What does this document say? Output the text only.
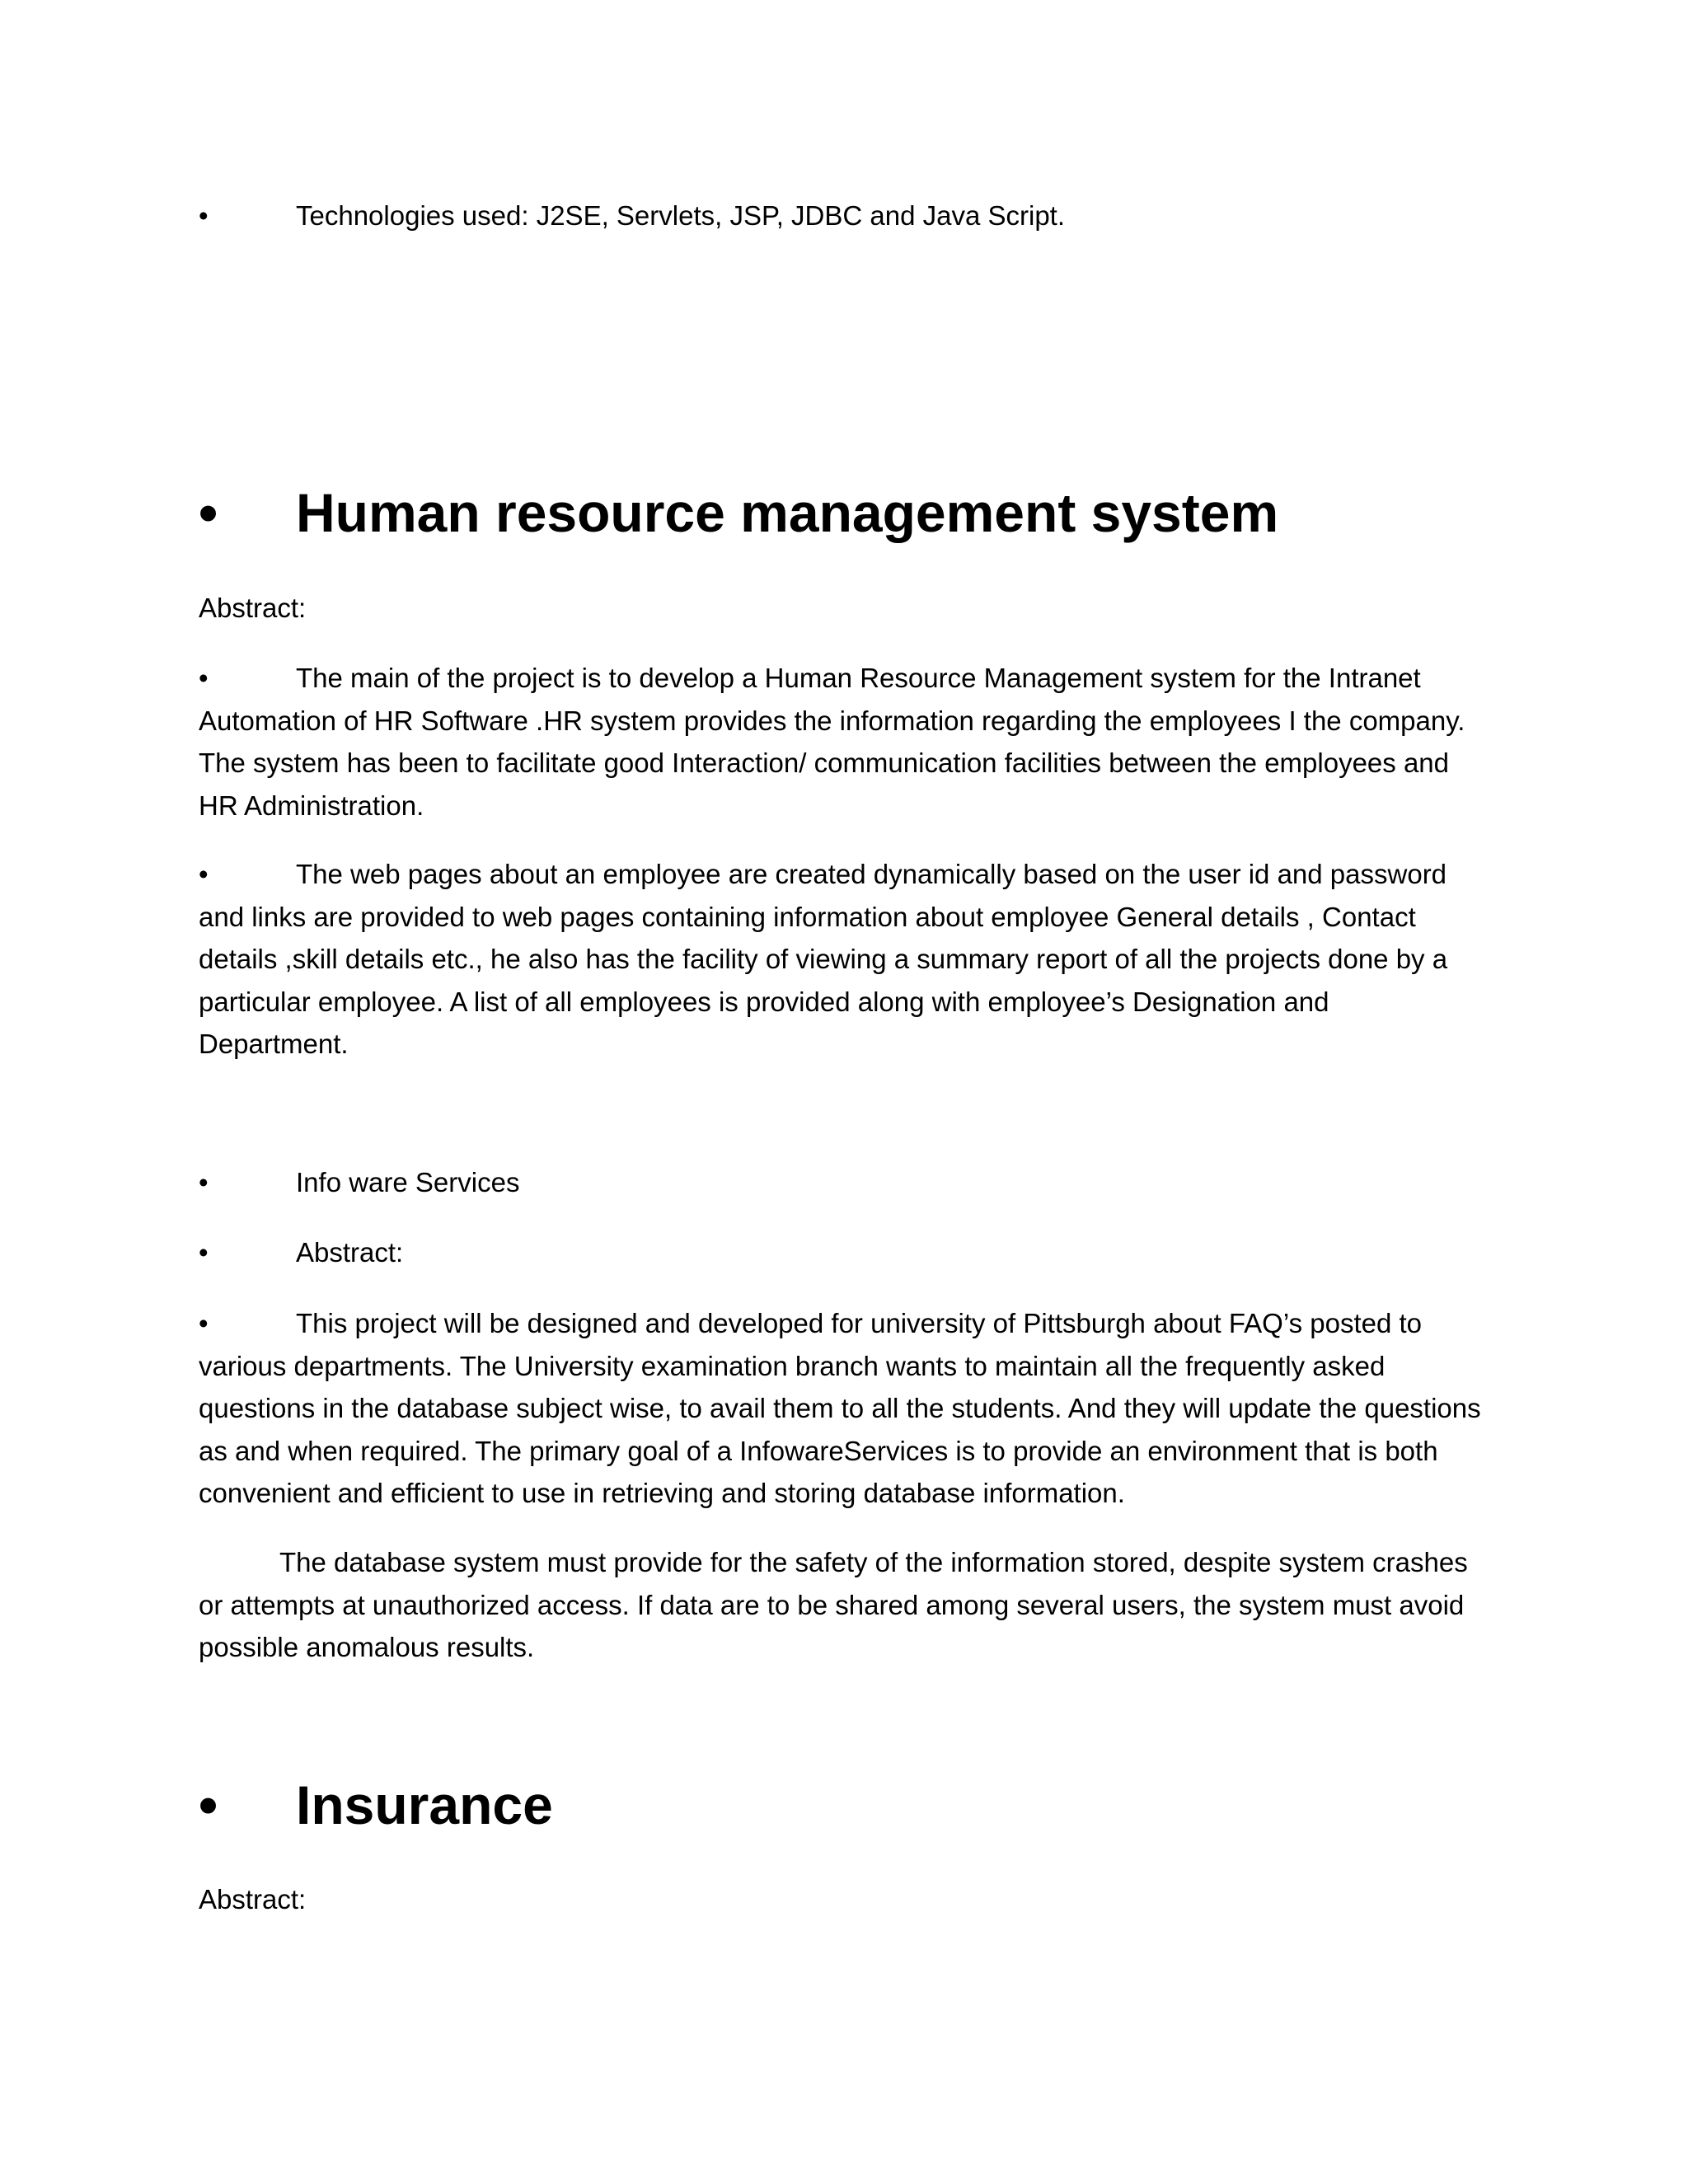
•	Technologies used: J2SE, Servlets, JSP, JDBC and Java Script.

• Human resource management system

Abstract:

•	The main of the project is to develop a Human Resource Management system for the Intranet Automation of HR Software .HR system provides the information regarding the employees I the company. The system has been to facilitate good Interaction/ communication facilities between the employees and HR Administration.

•	The web pages about an employee are created dynamically based on the user id and password and links are provided to web pages containing information about employee General details , Contact details ,skill details etc., he also has the facility of viewing a summary report of all the projects done by a particular employee. A list of all employees is provided along with employee’s Designation and Department.

•	Info ware Services

•	Abstract:

•	This project will be designed and developed for university of Pittsburgh about FAQ’s posted to various departments. The University examination branch wants to maintain all the frequently asked questions in the database subject wise, to avail them to all the students. And they will update the questions as and when required. The primary goal of a InfowareServices is to provide an environment that is both convenient and efficient to use in retrieving and storing database information.

The database system must provide for the safety of the information stored, despite system crashes or attempts at unauthorized access. If data are to be shared among several users, the system must avoid possible anomalous results.

• Insurance

Abstract:
